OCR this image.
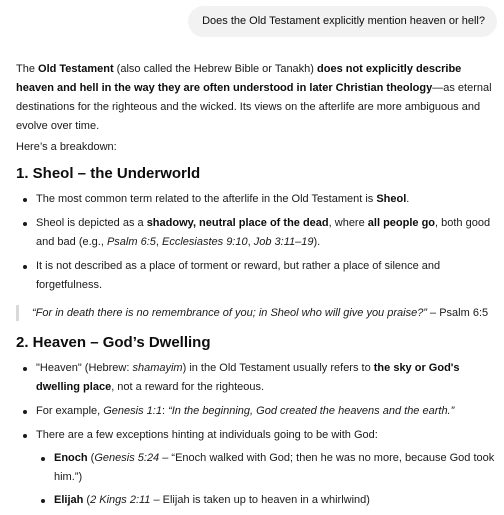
Does the Old Testament explicitly mention heaven or hell?

The Old Testament (also called the Hebrew Bible or Tanakh) does not explicitly describe heaven and hell in the way they are often understood in later Christian theology—as eternal destinations for the righteous and the wicked. Its views on the afterlife are more ambiguous and evolve over time.

Here’s a breakdown:

1. Sheol – the Underworld
The most common term related to the afterlife in the Old Testament is Sheol.
Sheol is depicted as a shadowy, neutral place of the dead, where all people go, both good and bad (e.g., Psalm 6:5, Ecclesiastes 9:10, Job 3:11–19).
It is not described as a place of torment or reward, but rather a place of silence and forgetfulness.
“For in death there is no remembrance of you; in Sheol who will give you praise?” – Psalm 6:5
2. Heaven – God’s Dwelling
"Heaven" (Hebrew: shamayim) in the Old Testament usually refers to the sky or God's dwelling place, not a reward for the righteous.
For example, Genesis 1:1: “In the beginning, God created the heavens and the earth.”
There are a few exceptions hinting at individuals going to be with God:
Enoch (Genesis 5:24 – “Enoch walked with God; then he was no more, because God took him.”)
Elijah (2 Kings 2:11 – Elijah is taken up to heaven in a whirlwind)
